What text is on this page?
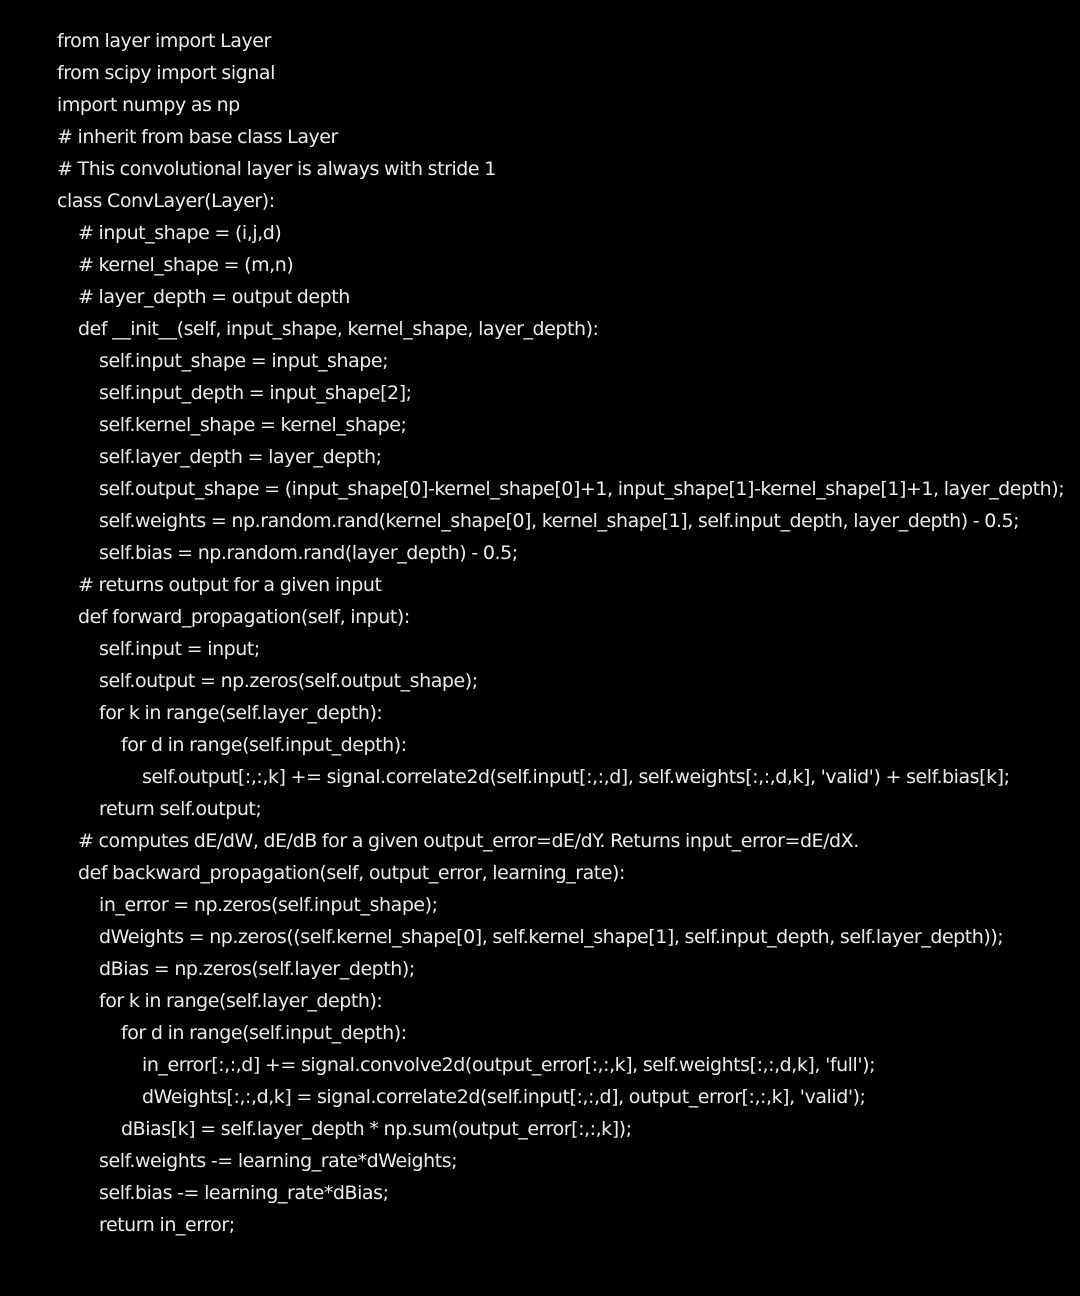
from layer import Layer
from scipy import signal
import numpy as np
# inherit from base class Layer
# This convolutional layer is always with stride 1
class ConvLayer(Layer):
# input_shape = (i,j,d)
# kernel_shape = (m,n)
# layer_depth = output depth
def __init__(self, input_shape, kernel_shape, layer_depth):
self.input_shape = input_shape;
self.input_depth = input_shape[2];
self.kernel_shape = kernel_shape;
self.layer_depth = layer_depth;
self.output_shape = (input_shape[0]-kernel_shape[0]+1, input_shape[1]-kernel_shape[1]+1, layer_depth);
self.weights = np.random.rand(kernel_shape[0], kernel_shape[1], self.input_depth, layer_depth) - 0.5;
self.bias = np.random.rand(layer_depth) - 0.5;
# returns output for a given input
def forward_propagation(self, input):
self.input = input;
self.output = np.zeros(self.output_shape);
for k in range(self.layer_depth):
for d in range(self.input_depth):
self.output[:,:,k] += signal.correlate2d(self.input[:,:,d], self.weights[:,:,d,k], 'valid') + self.bias[k];
return self.output;
# computes dE/dW, dE/dB for a given output_error=dE/dY. Returns input_error=dE/dX.
def backward_propagation(self, output_error, learning_rate):
in_error = np.zeros(self.input_shape);
dWeights = np.zeros((self.kernel_shape[0], self.kernel_shape[1], self.input_depth, self.layer_depth));
dBias = np.zeros(self.layer_depth);
for k in range(self.layer_depth):
for d in range(self.input_depth):
in_error[:,:,d] += signal.convolve2d(output_error[:,:,k], self.weights[:,:,d,k], 'full');
dWeights[:,:,d,k] = signal.correlate2d(self.input[:,:,d], output_error[:,:,k], 'valid');
dBias[k] = self.layer_depth * np.sum(output_error[:,:,k]);
self.weights -= learning_rate*dWeights;
self.bias -= learning_rate*dBias;
return in_error;
